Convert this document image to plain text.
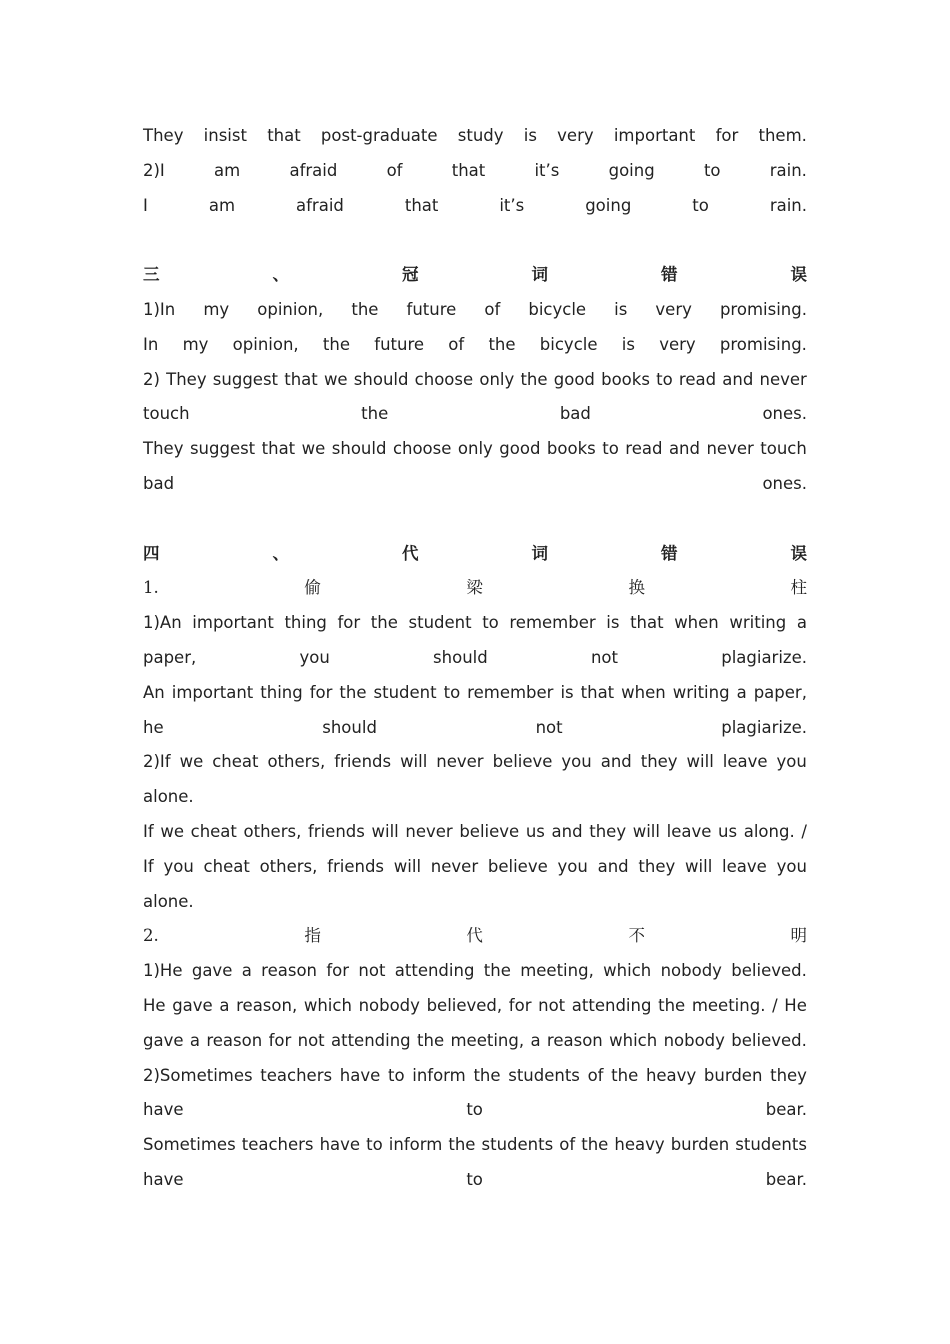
They insist that post-graduate study is very important for them.
2)I	am	afraid	of	that	it’s	going	to	rain.
I	am	afraid	that	it’s	going	to	rain.
三	、	冠	词	错	误
1)In my opinion, the future of bicycle is very promising.
In my opinion, the future of the bicycle is very promising.
2) They suggest that we should choose only the good books to read and never
touch	the	bad	ones.
They suggest that we should choose only good books to read and never touch
bad	ones.
四	、	代	词	错	误
1.	偷	梁	换	柱
1)An important thing for the student to remember is that when writing a
paper,	you	should	not	plagiarize.
An important thing for the student to remember is that when writing a paper,
he	should	not	plagiarize.
2)If we cheat others, friends will never believe you and they will leave you
alone.
If we cheat others, friends will never believe us and they will leave us along. /
If you cheat others, friends will never believe you and they will leave you
alone.
2.	指	代	不	明
1)He gave a reason for not attending the meeting, which nobody believed.
He gave a reason, which nobody believed, for not attending the meeting. / He
gave a reason for not attending the meeting, a reason which nobody believed.
2)Sometimes teachers have to inform the students of the heavy burden they
have	to	bear.
Sometimes teachers have to inform the students of the heavy burden students
have	to	bear.
